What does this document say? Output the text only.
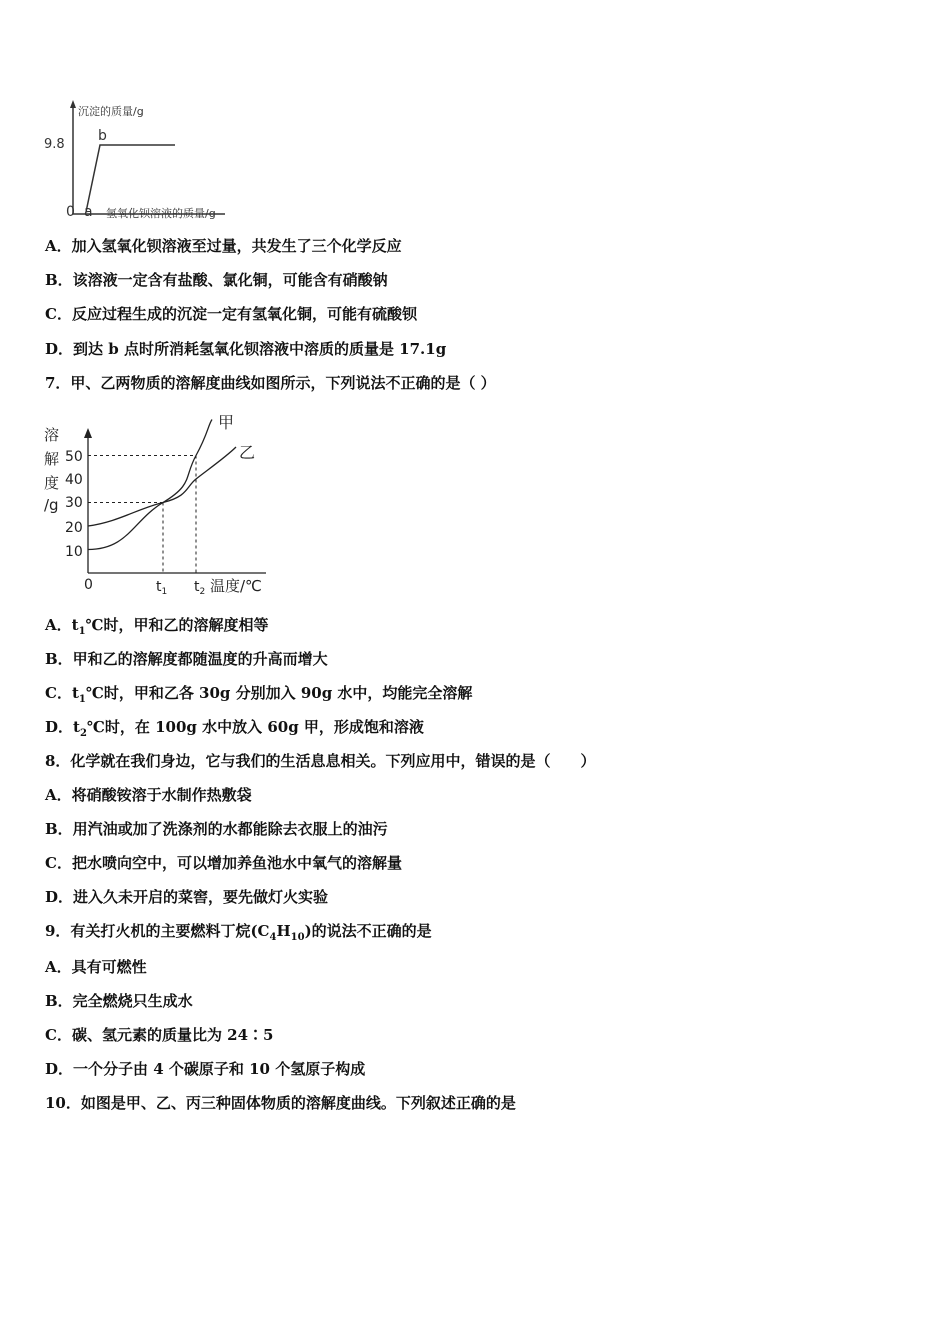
沉淀的质量/g
9.8
b
0 a 氢氧化钡溶液的质量/g
A．加入氢氧化钡溶液至过量，共发生了三个化学反应
B．该溶液一定含有盐酸、氯化铜，可能含有硝酸钠
C．反应过程生成的沉淀一定有氢氧化铜，可能有硫酸钡
D．到达 b 点时所消耗氢氧化钡溶液中溶质的质量是 17.1g
7．甲、乙两物质的溶解度曲线如图所示，下列说法不正确的是（ ）
溶
解
度
/g
50
40
30
20
10
0	$t_1$ $t_2$ 温度/℃
甲
乙
A．$t_1℃$时，甲和乙的溶解度相等
B．甲和乙的溶解度都随温度的升高而增大
C．$t_1℃$时，甲和乙各 30g 分别加入 90g 水中，均能完全溶解
D．$t_2℃$时，在 100g 水中放入 60g 甲，形成饱和溶液
8．化学就在我们身边，它与我们的生活息息相关。下列应用中，错误的是（　　）
A．将硝酸铵溶于水制作热敷袋
B．用汽油或加了洗涤剂的水都能除去衣服上的油污
C．把水喷向空中，可以增加养鱼池水中氧气的溶解量
D．进入久未开启的菜窖，要先做灯火实验
9．有关打火机的主要燃料丁烷$(C_4H_{10})$的说法不正确的是
A．具有可燃性
B．完全燃烧只生成水
C．碳、氢元素的质量比为 24∶5
D．一个分子由 4 个碳原子和 10 个氢原子构成
10．如图是甲、乙、丙三种固体物质的溶解度曲线。下列叙述正确的是
